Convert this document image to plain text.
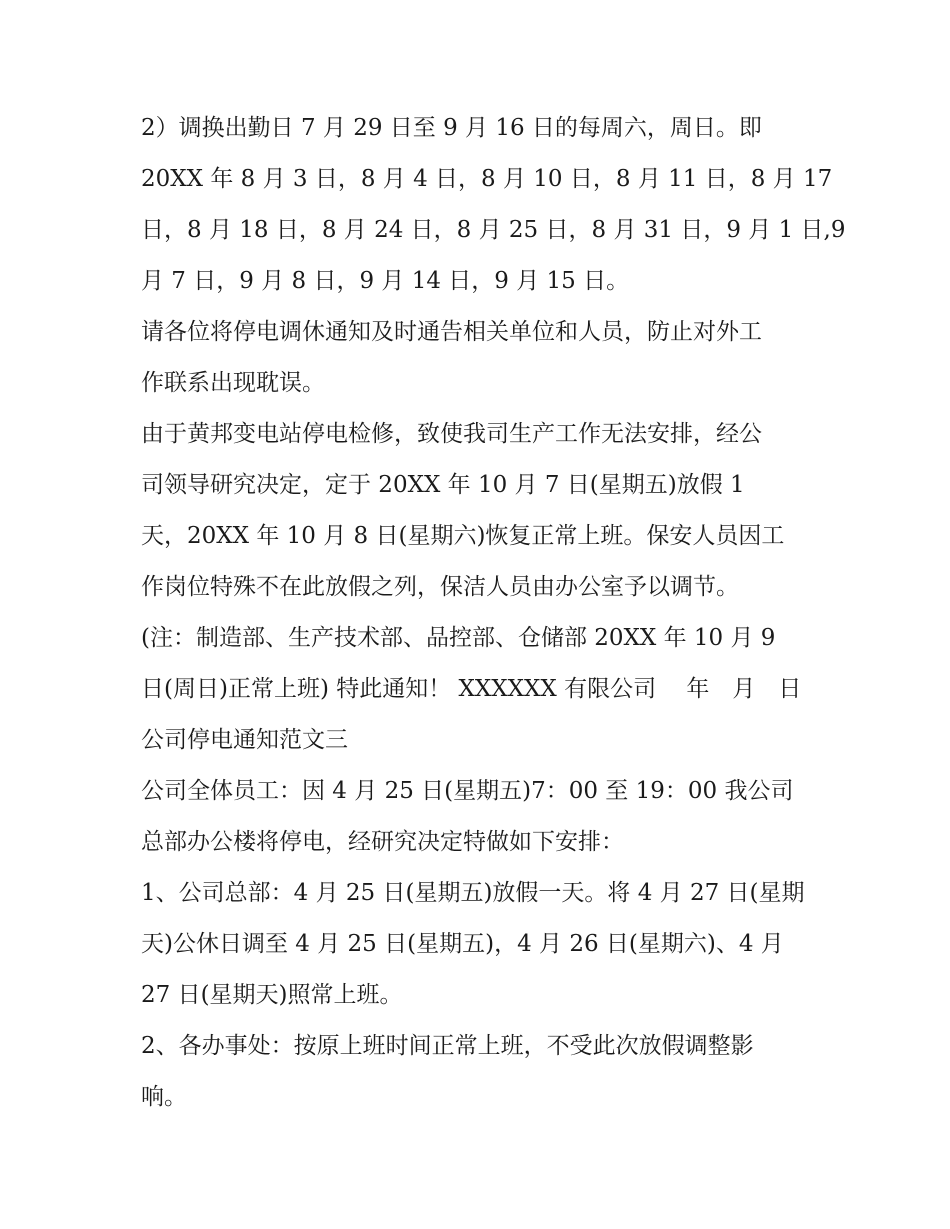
2）调换出勤日 7 月 29 日至 9 月 16 日的每周六，周日。即
20XX 年 8 月 3 日，8 月 4 日，8 月 10 日，8 月 11 日，8 月 17
日，8 月 18 日，8 月 24 日，8 月 25 日，8 月 31 日，9 月 1 日,9
月 7 日，9 月 8 日，9 月 14 日，9 月 15 日。
请各位将停电调休通知及时通告相关单位和人员，防止对外工
作联系出现耽误。
由于黄邦变电站停电检修，致使我司生产工作无法安排，经公
司领导研究决定，定于 20XX 年 10 月 7 日(星期五)放假 1
天，20XX 年 10 月 8 日(星期六)恢复正常上班。保安人员因工
作岗位特殊不在此放假之列，保洁人员由办公室予以调节。
(注：制造部、生产技术部、品控部、仓储部 20XX 年 10 月 9
日(周日)正常上班) 特此通知！ XXXXXX 有限公司　 年　月　日
公司停电通知范文三
公司全体员工：因 4 月 25 日(星期五)7：00 至 19：00 我公司
总部办公楼将停电，经研究决定特做如下安排：
1、公司总部：4 月 25 日(星期五)放假一天。将 4 月 27 日(星期
天)公休日调至 4 月 25 日(星期五)，4 月 26 日(星期六)、4 月
27 日(星期天)照常上班。
2、各办事处：按原上班时间正常上班，不受此次放假调整影
响。
